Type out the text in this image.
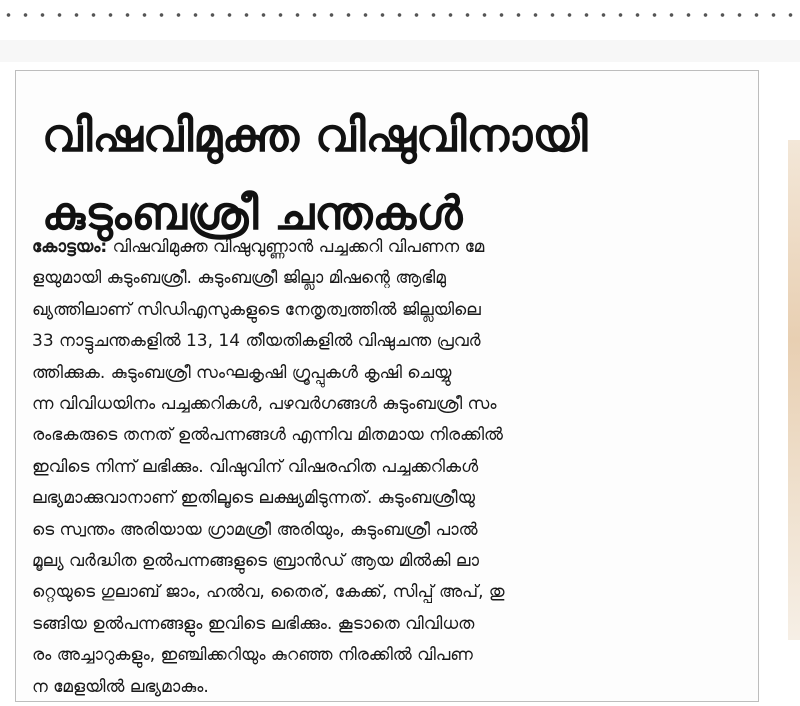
വിഷവിമുക്ത വിഷുവിനായി
കുടുംബശ്രീ ചന്തകൾ

കോട്ടയം: വിഷവിമുക്ത വിഷുവുണ്ണാൻ പച്ചക്കറി വിപണന മേ
ളയുമായി കുടുംബശ്രീ. കുടുംബശ്രീ ജില്ലാ മിഷന്റെ ആഭിമു
ഖ്യത്തിലാണ് സിഡിഎസുകളുടെ നേതൃത്വത്തിൽ ജില്ലയിലെ
33 നാട്ടുചന്തകളിൽ 13, 14 തീയതികളിൽ വിഷുചന്ത പ്രവർ
ത്തിക്കുക. കുടുംബശ്രീ സംഘകൃഷി ഗ്രൂപ്പുകൾ കൃഷി ചെയ്യു
ന്ന വിവിധയിനം പച്ചക്കറികൾ, പഴവർഗങ്ങൾ കുടുംബശ്രീ സം
രംഭകരുടെ തനത് ഉൽപന്നങ്ങൾ എന്നിവ മിതമായ നിരക്കിൽ
ഇവിടെ നിന്ന് ലഭിക്കും. വിഷുവിന് വിഷരഹിത പച്ചക്കറികൾ
ലഭ്യമാക്കുവാനാണ് ഇതിലൂടെ ലക്ഷ്യമിടുന്നത്. കുടുംബശ്രീയു
ടെ സ്വന്തം അരിയായ ഗ്രാമശ്രീ അരിയും, കുടുംബശ്രീ പാൽ
മൂല്യ വർദ്ധിത ഉൽപന്നങ്ങളുടെ ബ്രാൻഡ് ആയ മിൽകി ലാ
റ്റെയുടെ ഗുലാബ് ജാം, ഹൽവ, തൈര്, കേക്ക്, സിപ്പ് അപ്, തു
ടങ്ങിയ ഉൽപന്നങ്ങളും ഇവിടെ ലഭിക്കും. കൂടാതെ വിവിധത
രം അച്ചാറുകളും, ഇഞ്ചിക്കറിയും കുറഞ്ഞ നിരക്കിൽ വിപണ
ന മേളയിൽ ലഭ്യമാകും.
